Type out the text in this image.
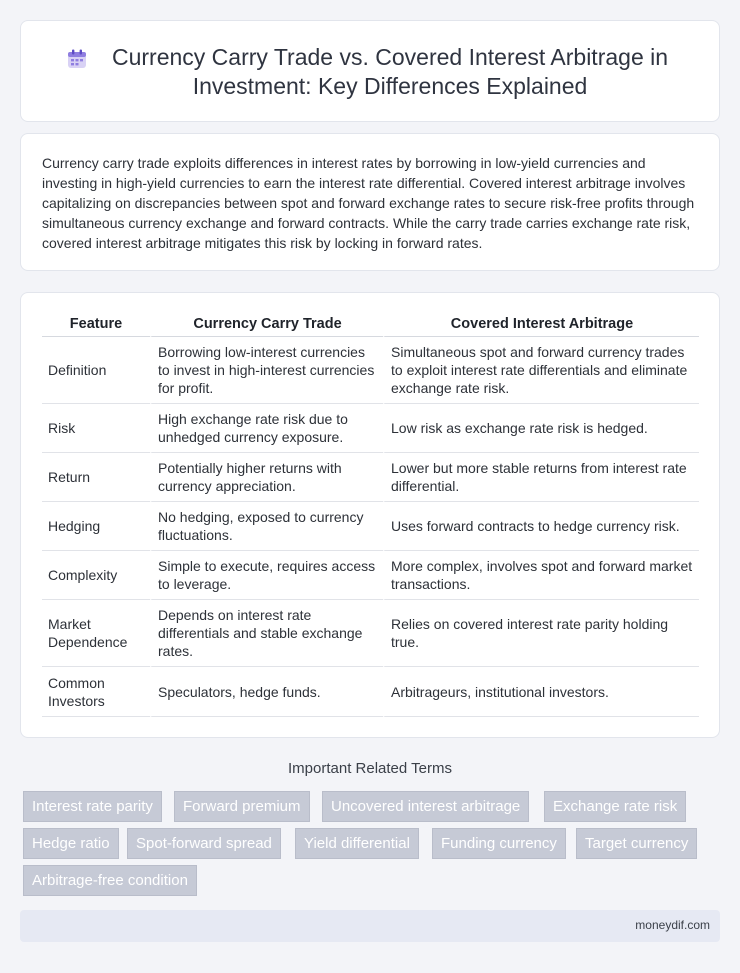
Currency Carry Trade vs. Covered Interest Arbitrage in Investment: Key Differences Explained

Currency carry trade exploits differences in interest rates by borrowing in low-yield currencies and investing in high-yield currencies to earn the interest rate differential. Covered interest arbitrage involves capitalizing on discrepancies between spot and forward exchange rates to secure risk-free profits through simultaneous currency exchange and forward contracts. While the carry trade carries exchange rate risk, covered interest arbitrage mitigates this risk by locking in forward rates.

Feature	Currency Carry Trade	Covered Interest Arbitrage
Definition	Borrowing low-interest currencies to invest in high-interest currencies for profit.	Simultaneous spot and forward currency trades to exploit interest rate differentials and eliminate exchange rate risk.
Risk	High exchange rate risk due to unhedged currency exposure.	Low risk as exchange rate risk is hedged.
Return	Potentially higher returns with currency appreciation.	Lower but more stable returns from interest rate differential.
Hedging	No hedging, exposed to currency fluctuations.	Uses forward contracts to hedge currency risk.
Complexity	Simple to execute, requires access to leverage.	More complex, involves spot and forward market transactions.
Market Dependence	Depends on interest rate differentials and stable exchange rates.	Relies on covered interest rate parity holding true.
Common Investors	Speculators, hedge funds.	Arbitrageurs, institutional investors.
Important Related Terms
Interest rate parity	Forward premium	Uncovered interest arbitrage	Exchange rate risk
Hedge ratio	Spot-forward spread	Yield differential	Funding currency	Target currency
Arbitrage-free condition
moneydif.com
